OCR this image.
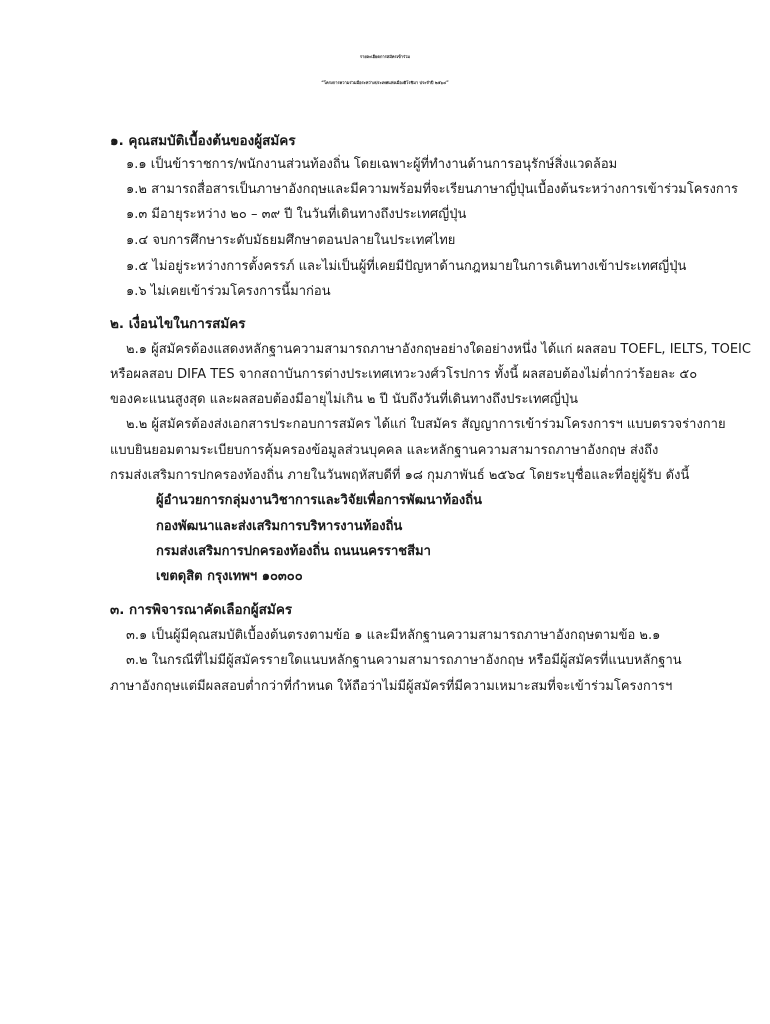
รายละเอียดการสมัครเข้าร่วม
“โครงการความร่วมมือระหว่างประเทศแห่งเมืองฮิโรชิมา ประจำปี ๒๕๖๔”
๑. คุณสมบัติเบื้องต้นของผู้สมัคร
๑.๑ เป็นข้าราชการ/พนักงานส่วนท้องถิ่น โดยเฉพาะผู้ที่ทำงานด้านการอนุรักษ์สิ่งแวดล้อม
๑.๒ สามารถสื่อสารเป็นภาษาอังกฤษและมีความพร้อมที่จะเรียนภาษาญี่ปุ่นเบื้องต้นระหว่างการเข้าร่วมโครงการ
๑.๓ มีอายุระหว่าง ๒๐ – ๓๙ ปี ในวันที่เดินทางถึงประเทศญี่ปุ่น
๑.๔ จบการศึกษาระดับมัธยมศึกษาตอนปลายในประเทศไทย
๑.๕ ไม่อยู่ระหว่างการตั้งครรภ์ และไม่เป็นผู้ที่เคยมีปัญหาด้านกฎหมายในการเดินทางเข้าประเทศญี่ปุ่น
๑.๖ ไม่เคยเข้าร่วมโครงการนี้มาก่อน
๒. เงื่อนไขในการสมัคร
๒.๑ ผู้สมัครต้องแสดงหลักฐานความสามารถภาษาอังกฤษอย่างใดอย่างหนึ่ง ได้แก่ ผลสอบ TOEFL, IELTS, TOEIC
หรือผลสอบ DIFA TES จากสถาบันการต่างประเทศเทวะวงศ์วโรปการ ทั้งนี้ ผลสอบต้องไม่ต่ำกว่าร้อยละ ๕๐
ของคะแนนสูงสุด และผลสอบต้องมีอายุไม่เกิน ๒ ปี นับถึงวันที่เดินทางถึงประเทศญี่ปุ่น
๒.๒ ผู้สมัครต้องส่งเอกสารประกอบการสมัคร ได้แก่ ใบสมัคร สัญญาการเข้าร่วมโครงการฯ แบบตรวจร่างกาย
แบบยินยอมตามระเบียบการคุ้มครองข้อมูลส่วนบุคคล และหลักฐานความสามารถภาษาอังกฤษ ส่งถึง
กรมส่งเสริมการปกครองท้องถิ่น ภายในวันพฤหัสบดีที่ ๑๘ กุมภาพันธ์ ๒๕๖๔ โดยระบุชื่อและที่อยู่ผู้รับ ดังนี้
ผู้อำนวยการกลุ่มงานวิชาการและวิจัยเพื่อการพัฒนาท้องถิ่น
กองพัฒนาและส่งเสริมการบริหารงานท้องถิ่น
กรมส่งเสริมการปกครองท้องถิ่น ถนนนครราชสีมา
เขตดุสิต กรุงเทพฯ ๑๐๓๐๐
๓. การพิจารณาคัดเลือกผู้สมัคร
๓.๑ เป็นผู้มีคุณสมบัติเบื้องต้นตรงตามข้อ ๑ และมีหลักฐานความสามารถภาษาอังกฤษตามข้อ ๒.๑
๓.๒ ในกรณีที่ไม่มีผู้สมัครรายใดแนบหลักฐานความสามารถภาษาอังกฤษ หรือมีผู้สมัครที่แนบหลักฐาน
ภาษาอังกฤษแต่มีผลสอบต่ำกว่าที่กำหนด ให้ถือว่าไม่มีผู้สมัครที่มีความเหมาะสมที่จะเข้าร่วมโครงการฯ
